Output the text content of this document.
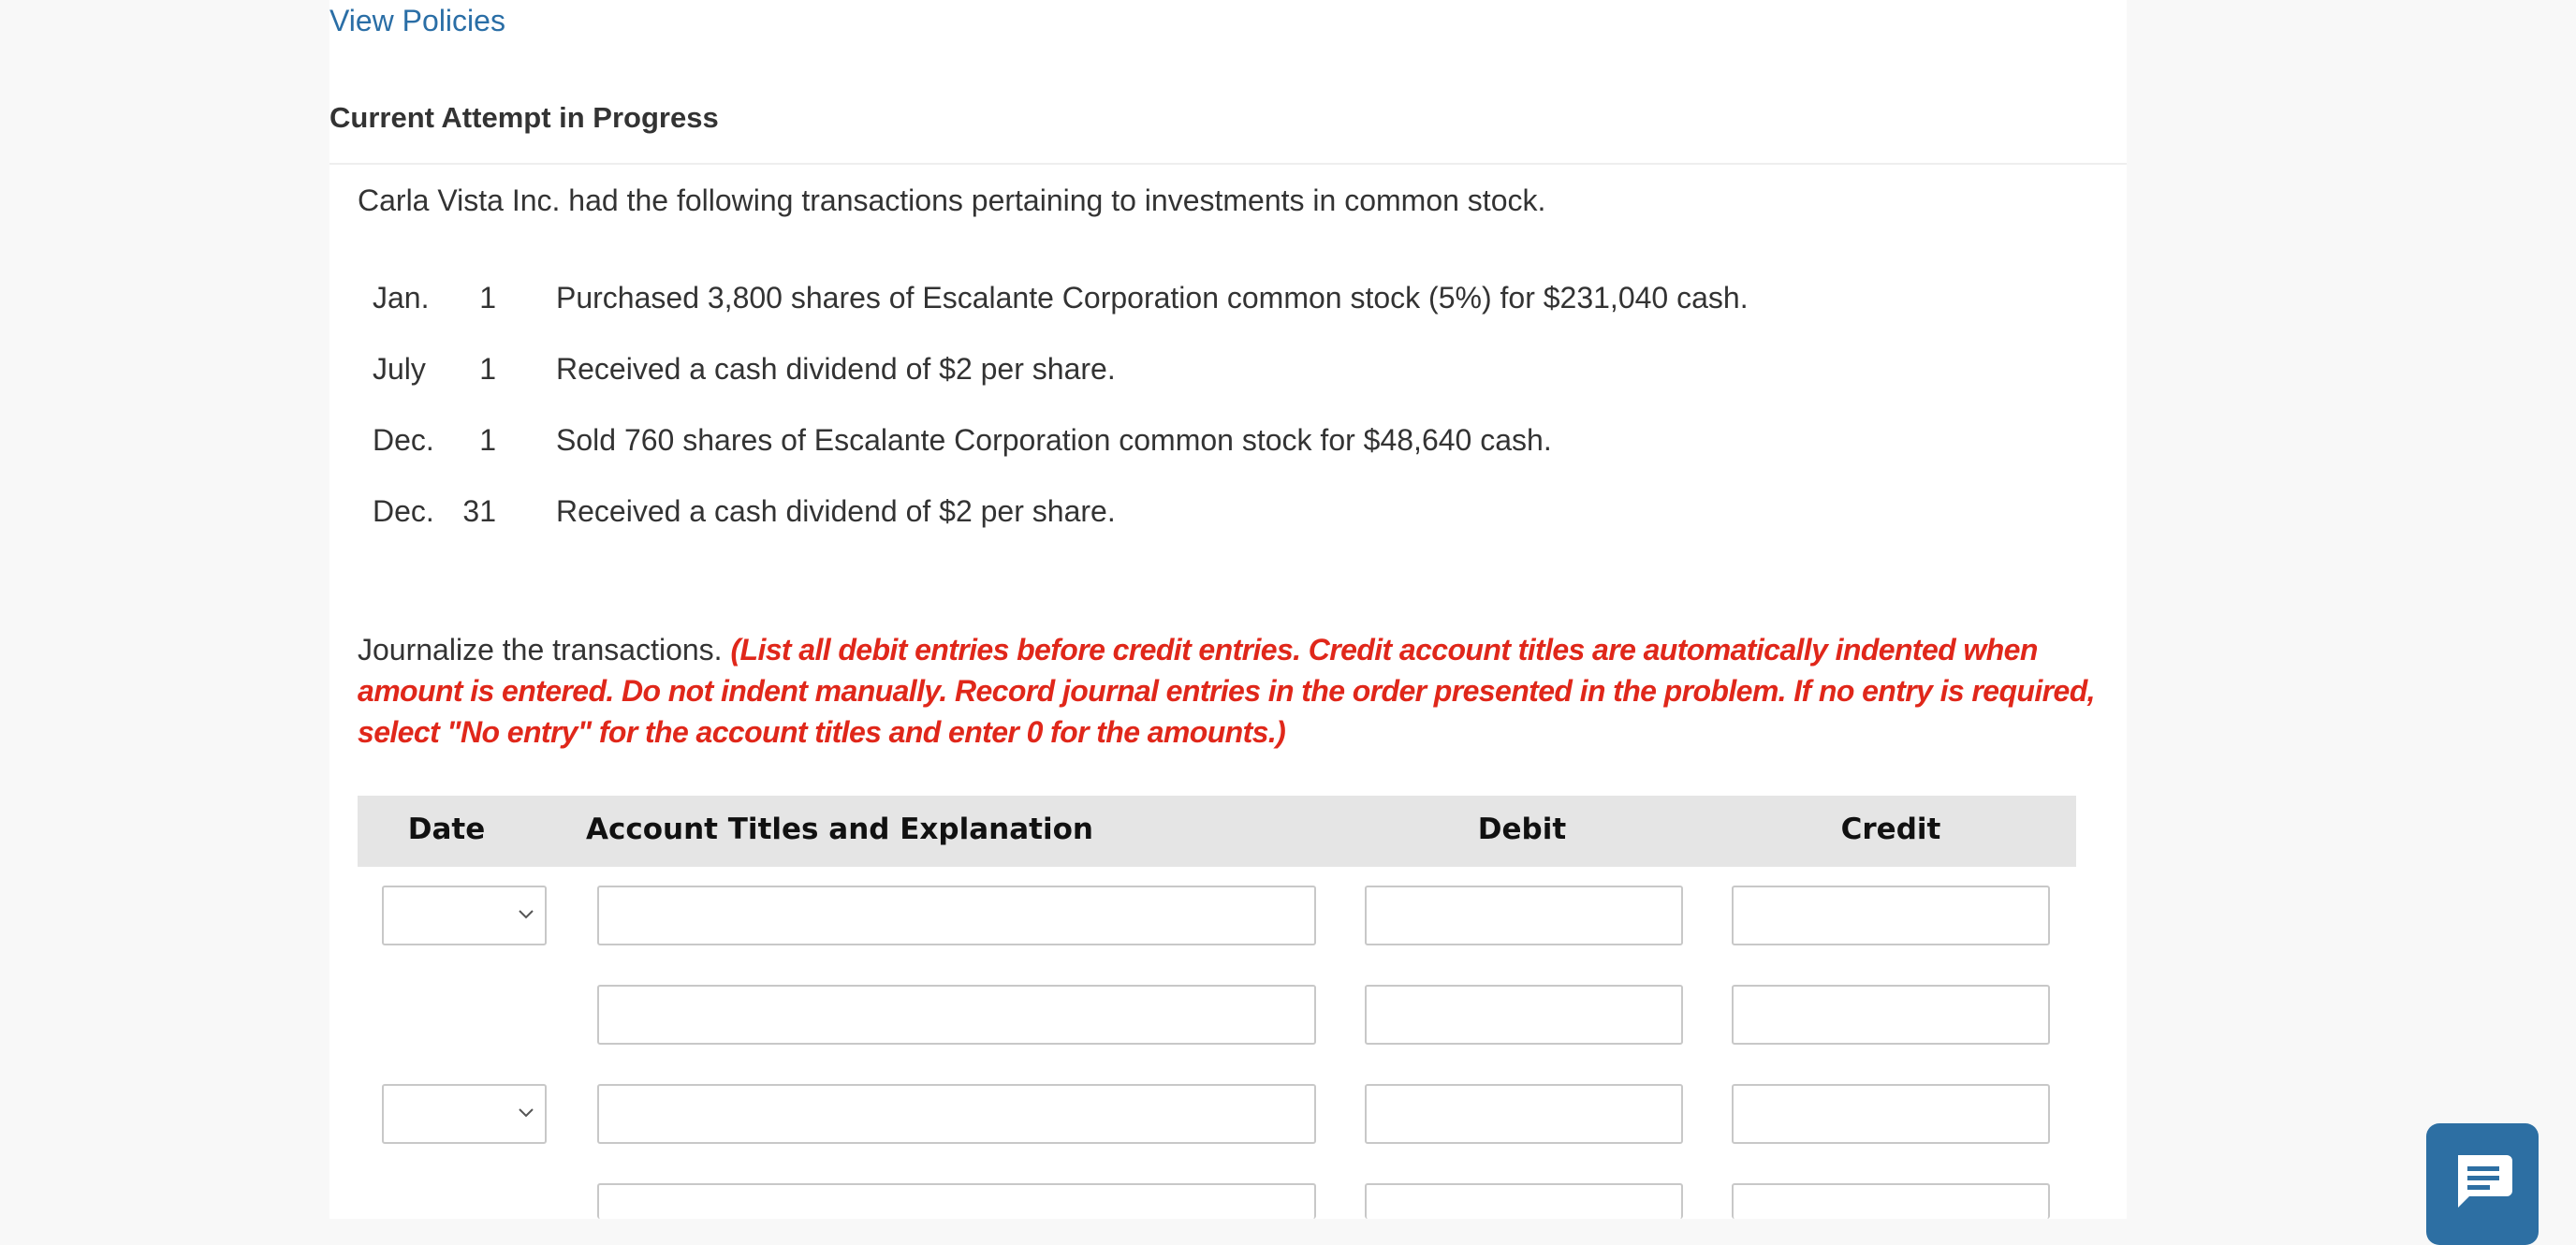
View Policies
Current Attempt in Progress
Carla Vista Inc. had the following transactions pertaining to investments in common stock.
Jan.	1 Purchased 3,800 shares of Escalante Corporation common stock (5%) for $231,040 cash.
July	1 Received a cash dividend of $2 per share.
Dec.	1 Sold 760 shares of Escalante Corporation common stock for $48,640 cash.
Dec. 31 Received a cash dividend of $2 per share.
Journalize the transactions. (List all debit entries before credit entries. Credit account titles are automatically indented when amount is entered. Do not indent manually. Record journal entries in the order presented in the problem. If no entry is required, select "No entry" for the account titles and enter 0 for the amounts.)
Date	Account Titles and Explanation	Debit	Credit
